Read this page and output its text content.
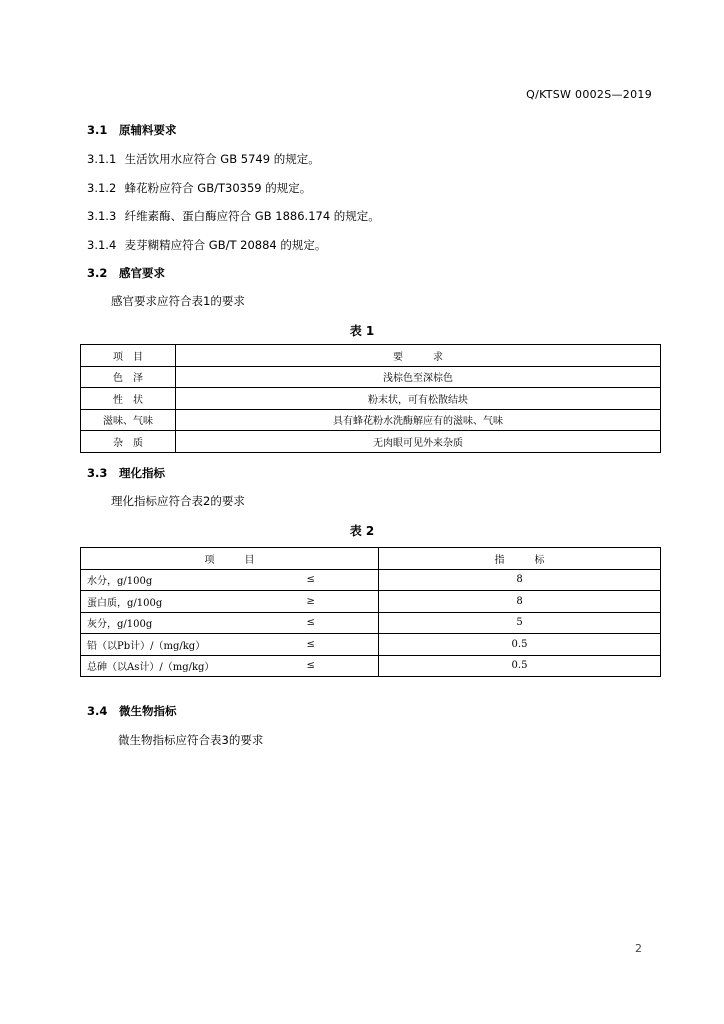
Q/KTSW 0002S—2019
3.1 原辅料要求
3.1.1 生活饮用水应符合 GB 5749 的规定。
3.1.2 蜂花粉应符合 GB/T30359 的规定。
3.1.3 纤维素酶、蛋白酶应符合 GB 1886.174 的规定。
3.1.4 麦芽糊精应符合 GB/T 20884 的规定。
3.2 感官要求
感官要求应符合表1的要求
表 1
项　目	要　　　求
色　泽	浅棕色至深棕色
性　状	粉末状，可有松散结块
滋味、气味	具有蜂花粉水洗酶解应有的滋味、气味
杂　质	无肉眼可见外来杂质
3.3 理化指标
理化指标应符合表2的要求
表 2
项　　　目		指　　　标
水分，g/100g	≤	8
蛋白质，g/100g	≥	8
灰分，g/100g	≤	5
铅（以Pb计）/（mg/kg）	≤	0.5
总砷（以As计）/（mg/kg）	≤	0.5
3.4 微生物指标
微生物指标应符合表3的要求
2
